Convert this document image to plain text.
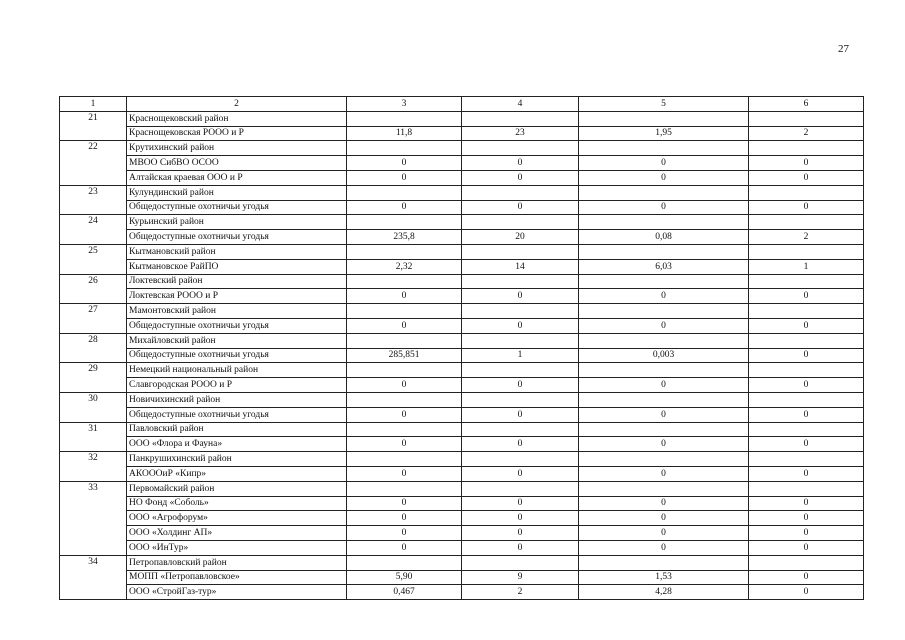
27
1	2	3	4	5	6
21	Краснощековский район				
	Краснощековская РООО и Р	11,8	23	1,95	2
22	Крутихинский район				
	МВОО СибВО ОСОО	0	0	0	0
	Алтайская краевая ООО и Р	0	0	0	0
23	Кулундинский район				
	Общедоступные охотничьи угодья	0	0	0	0
24	Курьинский район				
	Общедоступные охотничьи угодья	235,8	20	0,08	2
25	Кытмановский район				
	Кытмановское РайПО	2,32	14	6,03	1
26	Локтевский район				
	Локтевская РООО и Р	0	0	0	0
27	Мамонтовский район				
	Общедоступные охотничьи угодья	0	0	0	0
28	Михайловский район				
	Общедоступные охотничьи угодья	285,851	1	0,003	0
29	Немецкий национальный район				
	Славгородская РООО и Р	0	0	0	0
30	Новичихинский район				
	Общедоступные охотничьи угодья	0	0	0	0
31	Павловский район				
	ООО «Флора и Фауна»	0	0	0	0
32	Панкрушихинский район				
	АКОООиР «Кипр»	0	0	0	0
33	Первомайский район				
	НО Фонд «Соболь»	0	0	0	0
	ООО «Агрофорум»	0	0	0	0
	ООО «Холдинг АП»	0	0	0	0
	ООО «ИнТур»	0	0	0	0
34	Петропавловский район				
	МОПП «Петропавловское»	5,90	9	1,53	0
	ООО «СтройГаз-тур»	0,467	2	4,28	0
